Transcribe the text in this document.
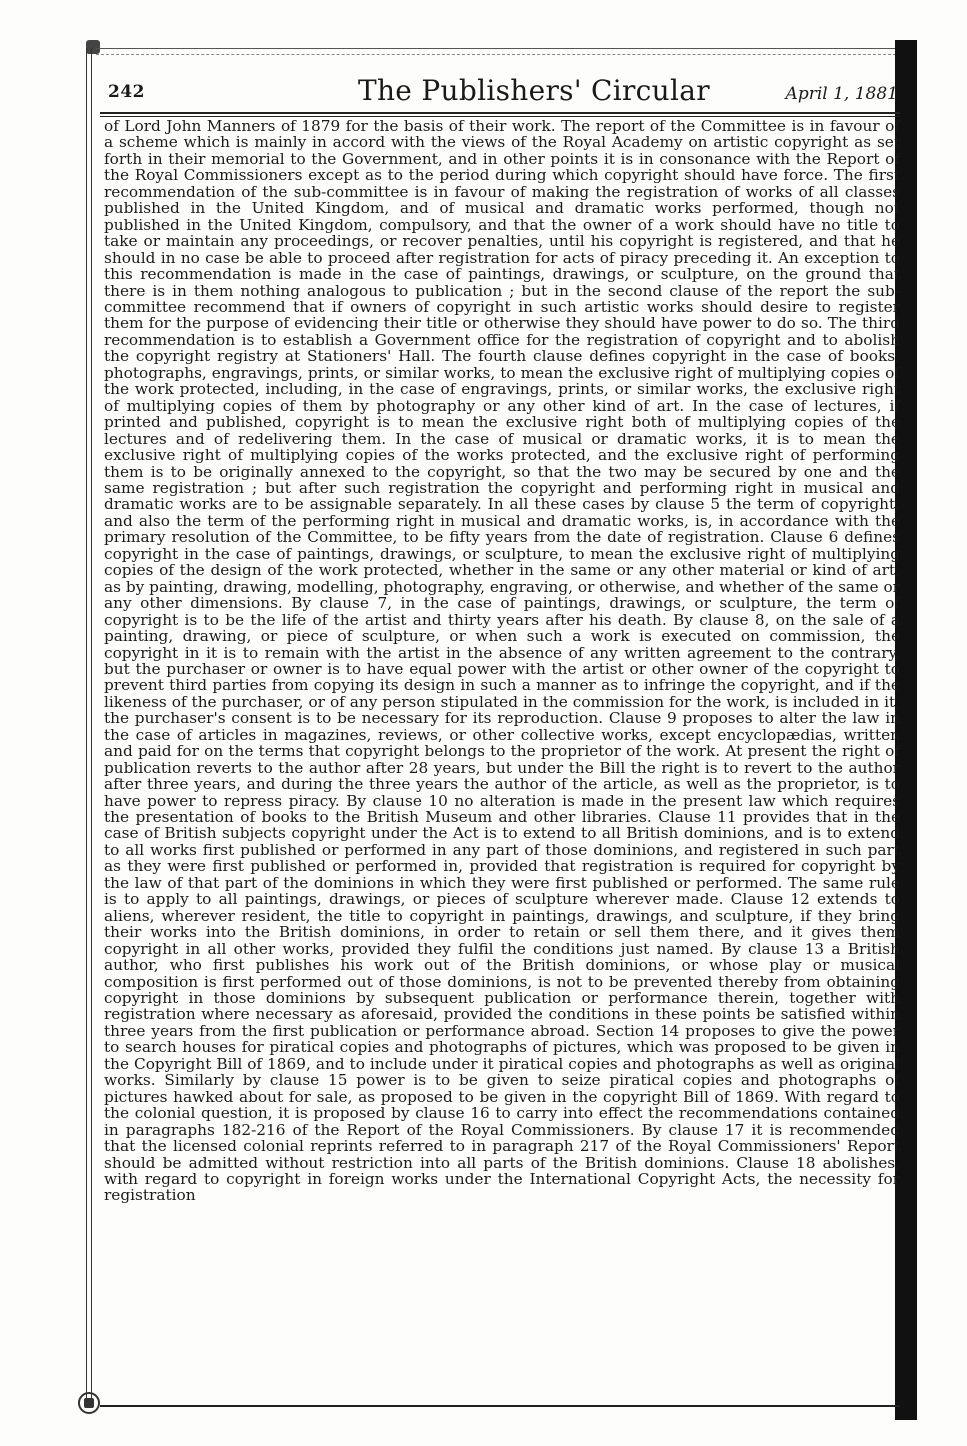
242	The Publishers' Circular	April 1, 1881

of Lord John Manners of 1879 for the basis of their work. The report of the Committee is in favour of a scheme which is mainly in accord with the views of the Royal Academy on artistic copyright as set forth in their memorial to the Government, and in other points it is in consonance with the Report of the Royal Commissioners except as to the period during which copyright should have force. The first recommendation of the sub-committee is in favour of making the registration of works of all classes published in the United Kingdom, and of musical and dramatic works performed, though not published in the United Kingdom, compulsory, and that the owner of a work should have no title to take or maintain any proceedings, or recover penalties, until his copyright is registered, and that he should in no case be able to proceed after registration for acts of piracy preceding it. An exception to this recommendation is made in the case of paintings, drawings, or sculpture, on the ground that there is in them nothing analogous to publication ; but in the second clause of the report the sub-committee recommend that if owners of copyright in such artistic works should desire to register them for the purpose of evidencing their title or otherwise they should have power to do so. The third recommendation is to establish a Government office for the registration of copyright and to abolish the copyright registry at Stationers' Hall. The fourth clause defines copyright in the case of books, photographs, engravings, prints, or similar works, to mean the exclusive right of multiplying copies of the work protected, including, in the case of engravings, prints, or similar works, the exclusive right of multiplying copies of them by photography or any other kind of art. In the case of lectures, if printed and published, copyright is to mean the exclusive right both of multiplying copies of the lectures and of redelivering them. In the case of musical or dramatic works, it is to mean the exclusive right of multiplying copies of the works protected, and the exclusive right of performing them is to be originally annexed to the copyright, so that the two may be secured by one and the same registration ; but after such registration the copyright and performing right in musical and dramatic works are to be assignable separately. In all these cases by clause 5 the term of copyright, and also the term of the performing right in musical and dramatic works, is, in accordance with the primary resolution of the Committee, to be fifty years from the date of registration. Clause 6 defines copyright in the case of paintings, drawings, or sculpture, to mean the exclusive right of multiplying copies of the design of the work protected, whether in the same or any other material or kind of art, as by painting, drawing, modelling, photography, engraving, or otherwise, and whether of the same or any other dimensions. By clause 7, in the case of paintings, drawings, or sculpture, the term of copyright is to be the life of the artist and thirty years after his death. By clause 8, on the sale of a painting, drawing, or piece of sculpture, or when such a work is executed on commission, the copyright in it is to remain with the artist in the absence of any written agreement to the contrary, but the purchaser or owner is to have equal power with the artist or other owner of the copyright to prevent third parties from copying its design in such a manner as to infringe the copyright, and if the likeness of the purchaser, or of any person stipulated in the commission for the work, is included in it, the purchaser's consent is to be necessary for its reproduction. Clause 9 proposes to alter the law in the case of articles in magazines, reviews, or other collective works, except encyclopædias, written and paid for on the terms that copyright belongs to the proprietor of the work. At present the right of publication reverts to the author after 28 years, but under the Bill the right is to revert to the author after three years, and during the three years the author of the article, as well as the proprietor, is to have power to repress piracy. By clause 10 no alteration is made in the present law which requires the presentation of books to the British Museum and other libraries. Clause 11 provides that in the case of British subjects copyright under the Act is to extend to all British dominions, and is to extend to all works first published or performed in any part of those dominions, and registered in such part as they were first published or performed in, provided that registration is required for copyright by the law of that part of the dominions in which they were first published or performed. The same rule is to apply to all paintings, drawings, or pieces of sculpture wherever made. Clause 12 extends to aliens, wherever resident, the title to copyright in paintings, drawings, and sculpture, if they bring their works into the British dominions, in order to retain or sell them there, and it gives them copyright in all other works, provided they fulfil the conditions just named. By clause 13 a British author, who first publishes his work out of the British dominions, or whose play or musical composition is first performed out of those dominions, is not to be prevented thereby from obtaining copyright in those dominions by subsequent publication or performance therein, together with registration where necessary as aforesaid, provided the conditions in these points be satisfied within three years from the first publication or performance abroad. Section 14 proposes to give the power to search houses for piratical copies and photographs of pictures, which was proposed to be given in the Copyright Bill of 1869, and to include under it piratical copies and photographs as well as original works. Similarly by clause 15 power is to be given to seize piratical copies and photographs of pictures hawked about for sale, as proposed to be given in the copyright Bill of 1869. With regard to the colonial question, it is proposed by clause 16 to carry into effect the recommendations contained in paragraphs 182-216 of the Report of the Royal Commissioners. By clause 17 it is recommended that the licensed colonial reprints referred to in paragraph 217 of the Royal Commissioners' Report should be admitted without restriction into all parts of the British dominions. Clause 18 abolishes, with regard to copyright in foreign works under the International Copyright Acts, the necessity for registration
